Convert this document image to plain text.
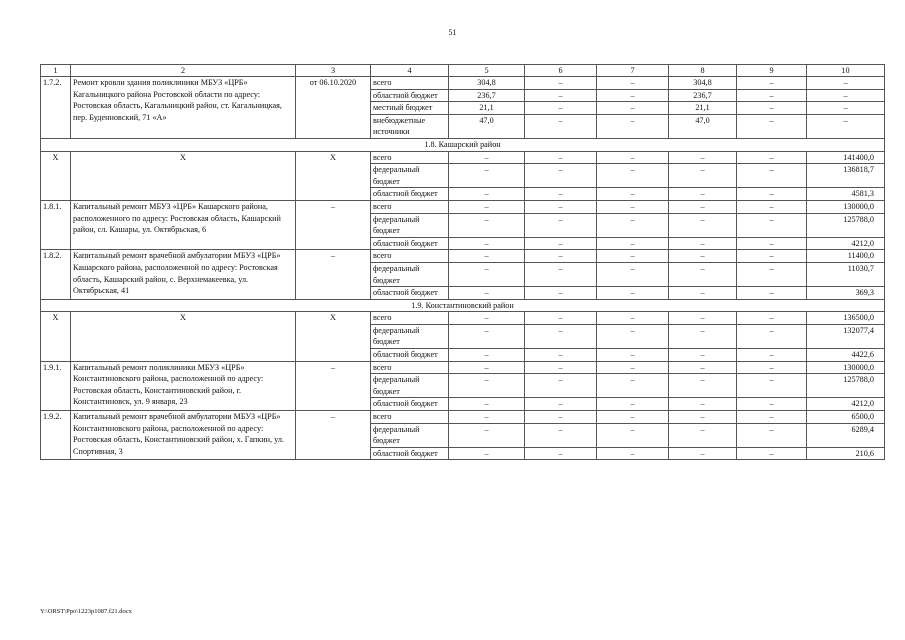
51
1	2	3	4	5	6	7	8	9	10
1.7.2.	Ремонт кровли здания поликлиники МБУЗ «ЦРБ» Кагальницкого района Ростовской области по адресу: Ростовская область, Кагальницкий район, ст. Кагальницкая, пер. Буденновский, 71 «А»	от 06.10.2020	всего	304,8	–	–	304,8	–	–
			областной бюджет	236,7	–	–	236,7	–	–
			местный бюджет	21,1	–	–	21,1	–	–
			внебюджетные источники	47,0	–	–	47,0	–	–
1.8. Кашарский район									
Х	Х	Х	всего	–	–	–	–	–	141400,0
			федеральный бюджет	–	–	–	–	–	136818,7
			областной бюджет	–	–	–	–	–	4581,3
1.8.1.	Капитальный ремонт МБУЗ «ЦРБ» Кашарского района, расположенного по адресу: Ростовская область, Кашарский район, сл. Кашары, ул. Октябрьская, 6	–	всего	–	–	–	–	–	130000,0
			федеральный бюджет	–	–	–	–	–	125788,0
			областной бюджет	–	–	–	–	–	4212,0
1.8.2.	Капитальный ремонт врачебной амбулатории МБУЗ «ЦРБ» Кашарского района, расположенной по адресу: Ростовская область, Кашарский район, с. Верхнемакеевка, ул. Октябрьская, 41	–	всего	–	–	–	–	–	11400,0
			федеральный бюджет	–	–	–	–	–	11030,7
			областной бюджет	–	–	–	–	–	369,3
1.9. Константиновский район									
Х	Х	Х	всего	–	–	–	–	–	136500,0
			федеральный бюджет	–	–	–	–	–	132077,4
			областной бюджет	–	–	–	–	–	4422,6
1.9.1.	Капитальный ремонт поликлиники МБУЗ «ЦРБ» Константиновского района, расположенной по адресу: Ростовская область, Константиновский район, г. Константиновск, ул. 9 января, 23	–	всего	–	–	–	–	–	130000,0
			федеральный бюджет	–	–	–	–	–	125788,0
			областной бюджет	–	–	–	–	–	4212,0
1.9.2.	Капитальный ремонт врачебной амбулатории МБУЗ «ЦРБ» Константиновского района, расположенной по адресу: Ростовская область, Константиновский район, х. Гапкин, ул. Спортивная, 3	–	всего	–	–	–	–	–	6500,0
			федеральный бюджет	–	–	–	–	–	6289,4
			областной бюджет	–	–	–	–	–	210,6
Y:\ORST\Ppo\1223p1087.f21.docx
